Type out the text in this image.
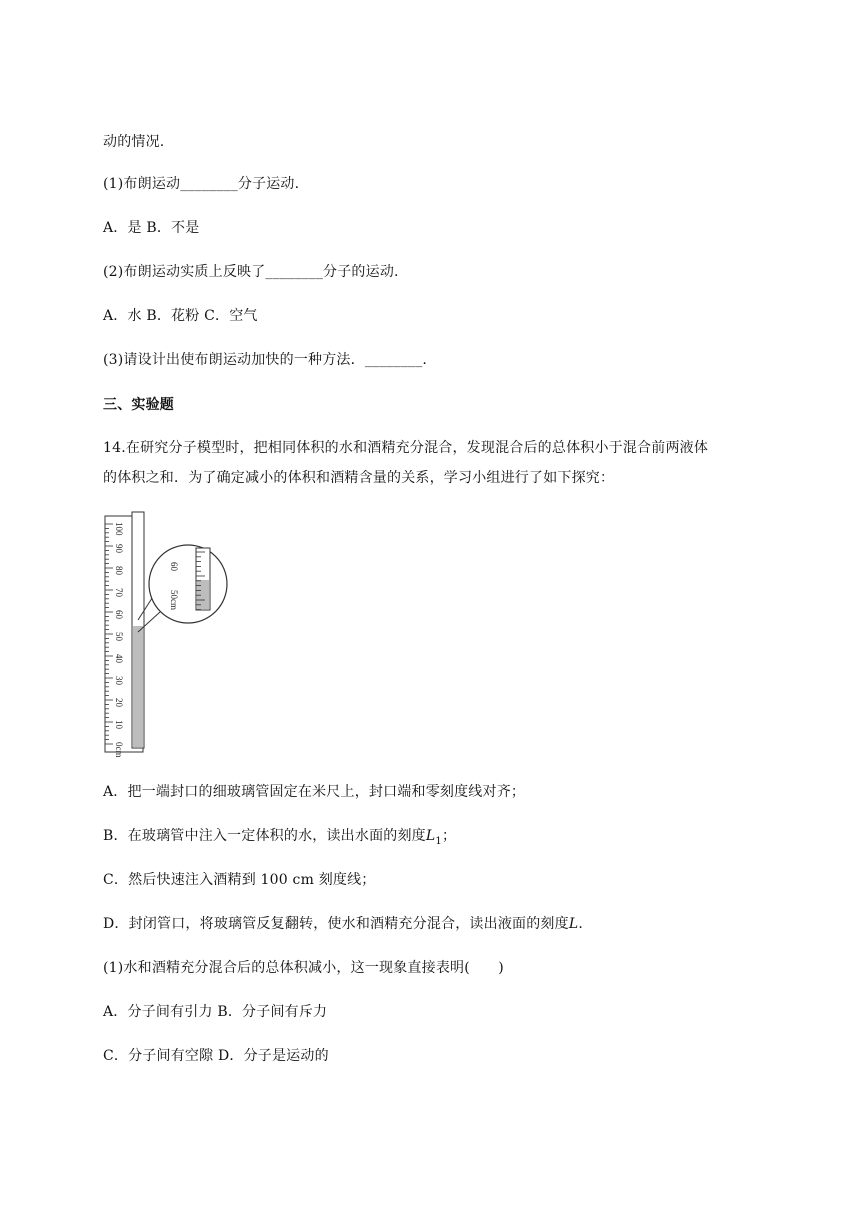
动的情况.
(1)布朗运动________分子运动.
A．是 B．不是
(2)布朗运动实质上反映了________分子的运动.
A．水 B．花粉 C．空气
(3)请设计出使布朗运动加快的一种方法．________.
三、实验题
14.在研究分子模型时，把相同体积的水和酒精充分混合，发现混合后的总体积小于混合前两液体
的体积之和．为了确定减小的体积和酒精含量的关系，学习小组进行了如下探究：
0cm
10
20
30
40
50
60
70
80
90
100
60
50cm
A．把一端封口的细玻璃管固定在米尺上，封口端和零刻度线对齐；
B．在玻璃管中注入一定体积的水，读出水面的刻度$L_1$；
C．然后快速注入酒精到 100 cm 刻度线；
D．封闭管口，将玻璃管反复翻转，使水和酒精充分混合，读出液面的刻度L.
(1)水和酒精充分混合后的总体积减小，这一现象直接表明(　　)
A．分子间有引力 B．分子间有斥力
C．分子间有空隙 D．分子是运动的
